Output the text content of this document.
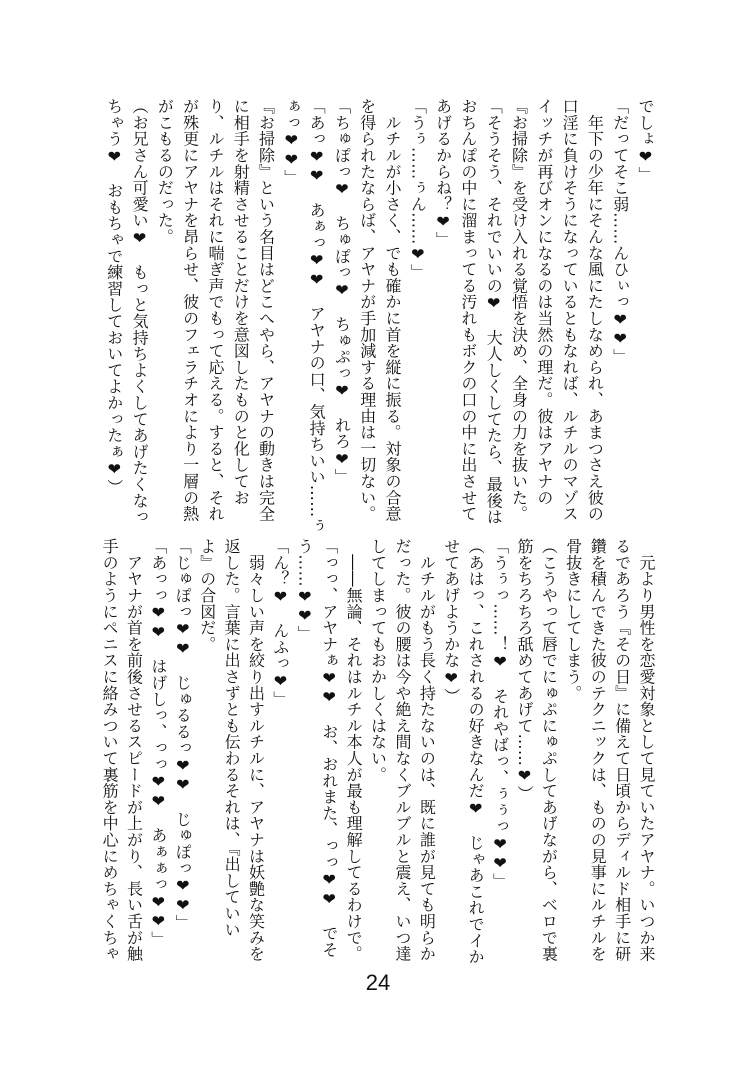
でしょ❤」
「だってそこ弱……んひぃっ❤❤」
　年下の少年にそんな風にたしなめられ、あまつさえ彼の
口淫に負けそうになっているともなれば、ルチルのマゾス
イッチが再びオンになるのは当然の理だ。彼はアヤナの
『お掃除』を受け入れる覚悟を決め、全身の力を抜いた。
「そうそう、それでいいの❤　大人しくしてたら、最後は
おちんぽの中に溜まってる汚れもボクの口の中に出させて
あげるからね？❤」
「うぅ……ぅん……❤」
　ルチルが小さく、でも確かに首を縦に振る。対象の合意
を得られたならば、アヤナが手加減する理由は一切ない。
「ちゅぽっ❤　ちゅぽっ❤　ちゅぷっ❤　れろ❤」
「あっ❤❤　あぁっ❤❤　アヤナの口、気持ちいい……ぅ
ぁっ❤❤」
『お掃除』という名目はどこへやら、アヤナの動きは完全
に相手を射精させることだけを意図したものと化してお
り、ルチルはそれに喘ぎ声でもって応える。すると、それ
が殊更にアヤナを昂らせ、彼のフェラチオにより一層の熱
がこもるのだった。
（お兄さん可愛い❤　もっと気持ちよくしてあげたくなっ
ちゃう❤　おもちゃで練習しておいてよかったぁ❤）
　元より男性を恋愛対象として見ていたアヤナ。いつか来
るであろう『その日』に備えて日頃からディルド相手に研
鑽を積んできた彼のテクニックは、ものの見事にルチルを
骨抜きにしてしまう。
（こうやって唇でにゅぷにゅぷしてあげながら、ベロで裏
筋をちろちろ舐めてあげて……❤）
「うぅっ……！❤　それやばっ、ぅぅっ❤❤」
（あはっ、これされるの好きなんだ❤　じゃあこれでイか
せてあげようかな❤）
　ルチルがもう長く持たないのは、既に誰が見ても明らか
だった。彼の腰は今や絶え間なくブルブルと震え、いつ達
してしまってもおかしくはない。
　――無論、それはルチル本人が最も理解してるわけで。
「っっ、アヤナぁ❤❤　お、おれまた、っっ❤❤　でそ
う……❤❤」
「ん？❤　んふっ❤」
　弱々しい声を絞り出すルチルに、アヤナは妖艶な笑みを
返した。言葉に出さずとも伝わるそれは、『出していい
よ』の合図だ。
「じゅぽっ❤❤　じゅるるっ❤❤　じゅぽっ❤❤」
「あっっ❤❤　はげしっ、っっ❤❤　あぁぁっ❤❤」
　アヤナが首を前後させるスピードが上がり、長い舌が触
手のようにペニスに絡みついて裏筋を中心にめちゃくちゃ
24
